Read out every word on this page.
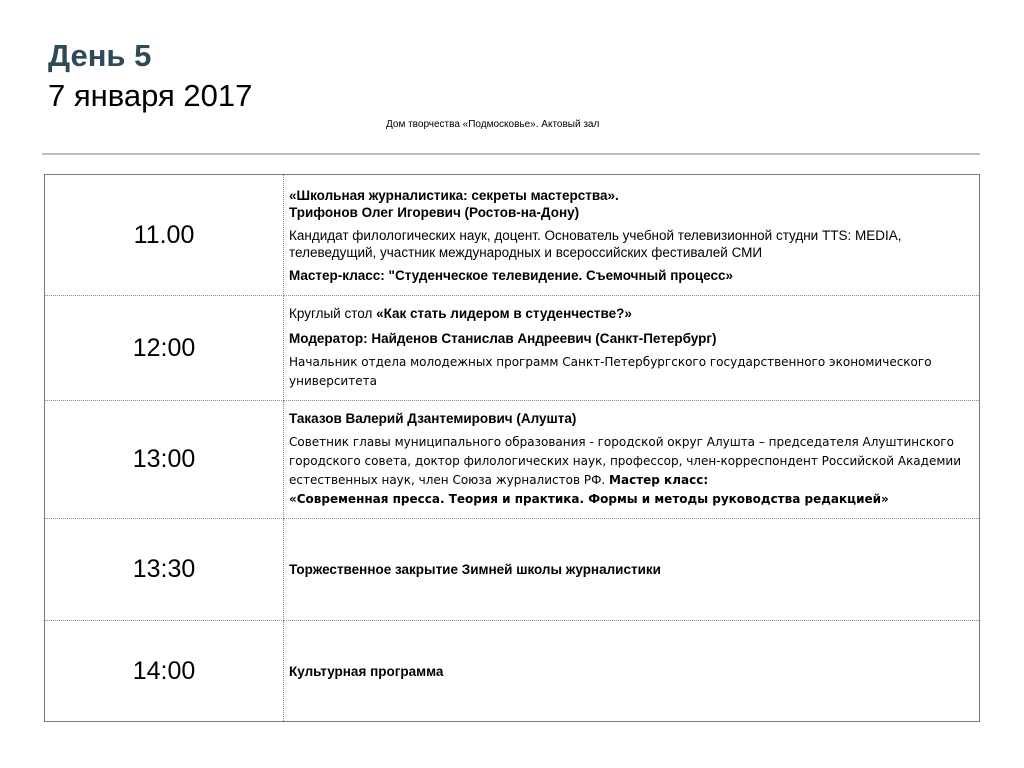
День 5
7 января 2017
Дом творчества «Подмосковье». Актовый зал
11.00	«Школьная журналистика: секреты мастерства».

Трифонов Олег Игоревич (Ростов-на-Дону)

Кандидат филологических наук, доцент. Основатель учебной телевизионной студни TTS: MEDIA, телеведущий, участник международных и всероссийских фестивалей СМИ

Мастер-класс: "Студенческое телевидение. Съемочный процесс»

12:00	Круглый стол «Как стать лидером в студенчестве?»

Модератор: Найденов Станислав Андреевич (Санкт-Петербург)

Начальник отдела молодежных программ Санкт-Петербургского государственного экономического университета

13:00	Таказов Валерий Дзантемирович (Алушта)

Советник главы муниципального образования - городской округ Алушта – председателя Алуштинского городского совета, доктор филологических наук, профессор, член-корреспондент Российской Академии естественных наук, член Союза журналистов РФ. Мастер класс:
«Современная пресса. Теория и практика. Формы и методы руководства редакцией»

13:30	Торжественное закрытие Зимней школы журналистики
14:00	Культурная программа
